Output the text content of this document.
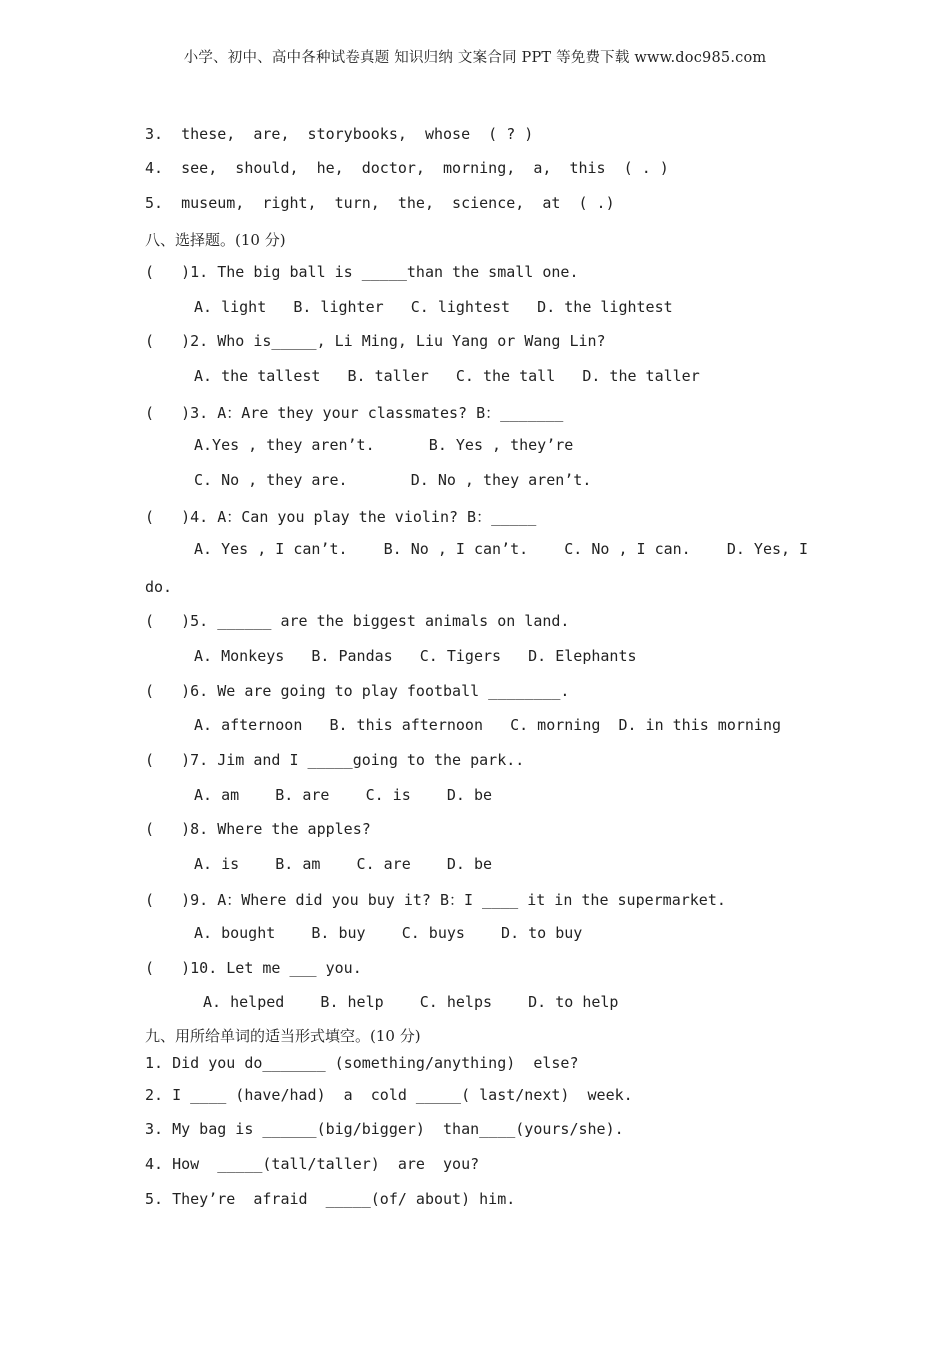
小学、初中、高中各种试卷真题 知识归纳 文案合同 PPT 等免费下载 www.doc985.com
3.  these,  are,  storybooks,  whose  ( ? )
4.  see,  should,  he,  doctor,  morning,  a,  this  ( . )
5.  museum,  right,  turn,  the,  science,  at  ( .)
八、选择题。(10 分)
(   )1. The big ball is _____than the small one.
A. light   B. lighter   C. lightest   D. the lightest
(   )2. Who is_____, Li Ming, Liu Yang or Wang Lin?
A. the tallest   B. taller   C. the tall   D. the taller
(   )3. A：Are they your classmates? B：_______
A.Yes , they aren’t.      B. Yes , they’re
C. No , they are.       D. No , they aren’t.
(   )4. A：Can you play the violin? B：_____
A. Yes , I can’t.    B. No , I can’t.    C. No , I can.    D. Yes, I
do.
(   )5. ______ are the biggest animals on land.
A. Monkeys   B. Pandas   C. Tigers   D. Elephants
(   )6. We are going to play football ________.
A. afternoon   B. this afternoon   C. morning  D. in this morning
(   )7. Jim and I _____going to the park..
A. am    B. are    C. is    D. be
(   )8. Where the apples?
A. is    B. am    C. are    D. be
(   )9. A：Where did you buy it? B：I ____ it in the supermarket.
A. bought    B. buy    C. buys    D. to buy
(   )10. Let me ___ you.
A. helped    B. help    C. helps    D. to help
九、用所给单词的适当形式填空。(10 分)
1. Did you do_______ (something/anything)  else?
2. I ____ (have/had)  a  cold _____( last/next)  week.
3. My bag is ______(big/bigger)  than____(yours/she).
4. How  _____(tall/taller)  are  you?
5. They’re  afraid  _____(of/ about) him.
